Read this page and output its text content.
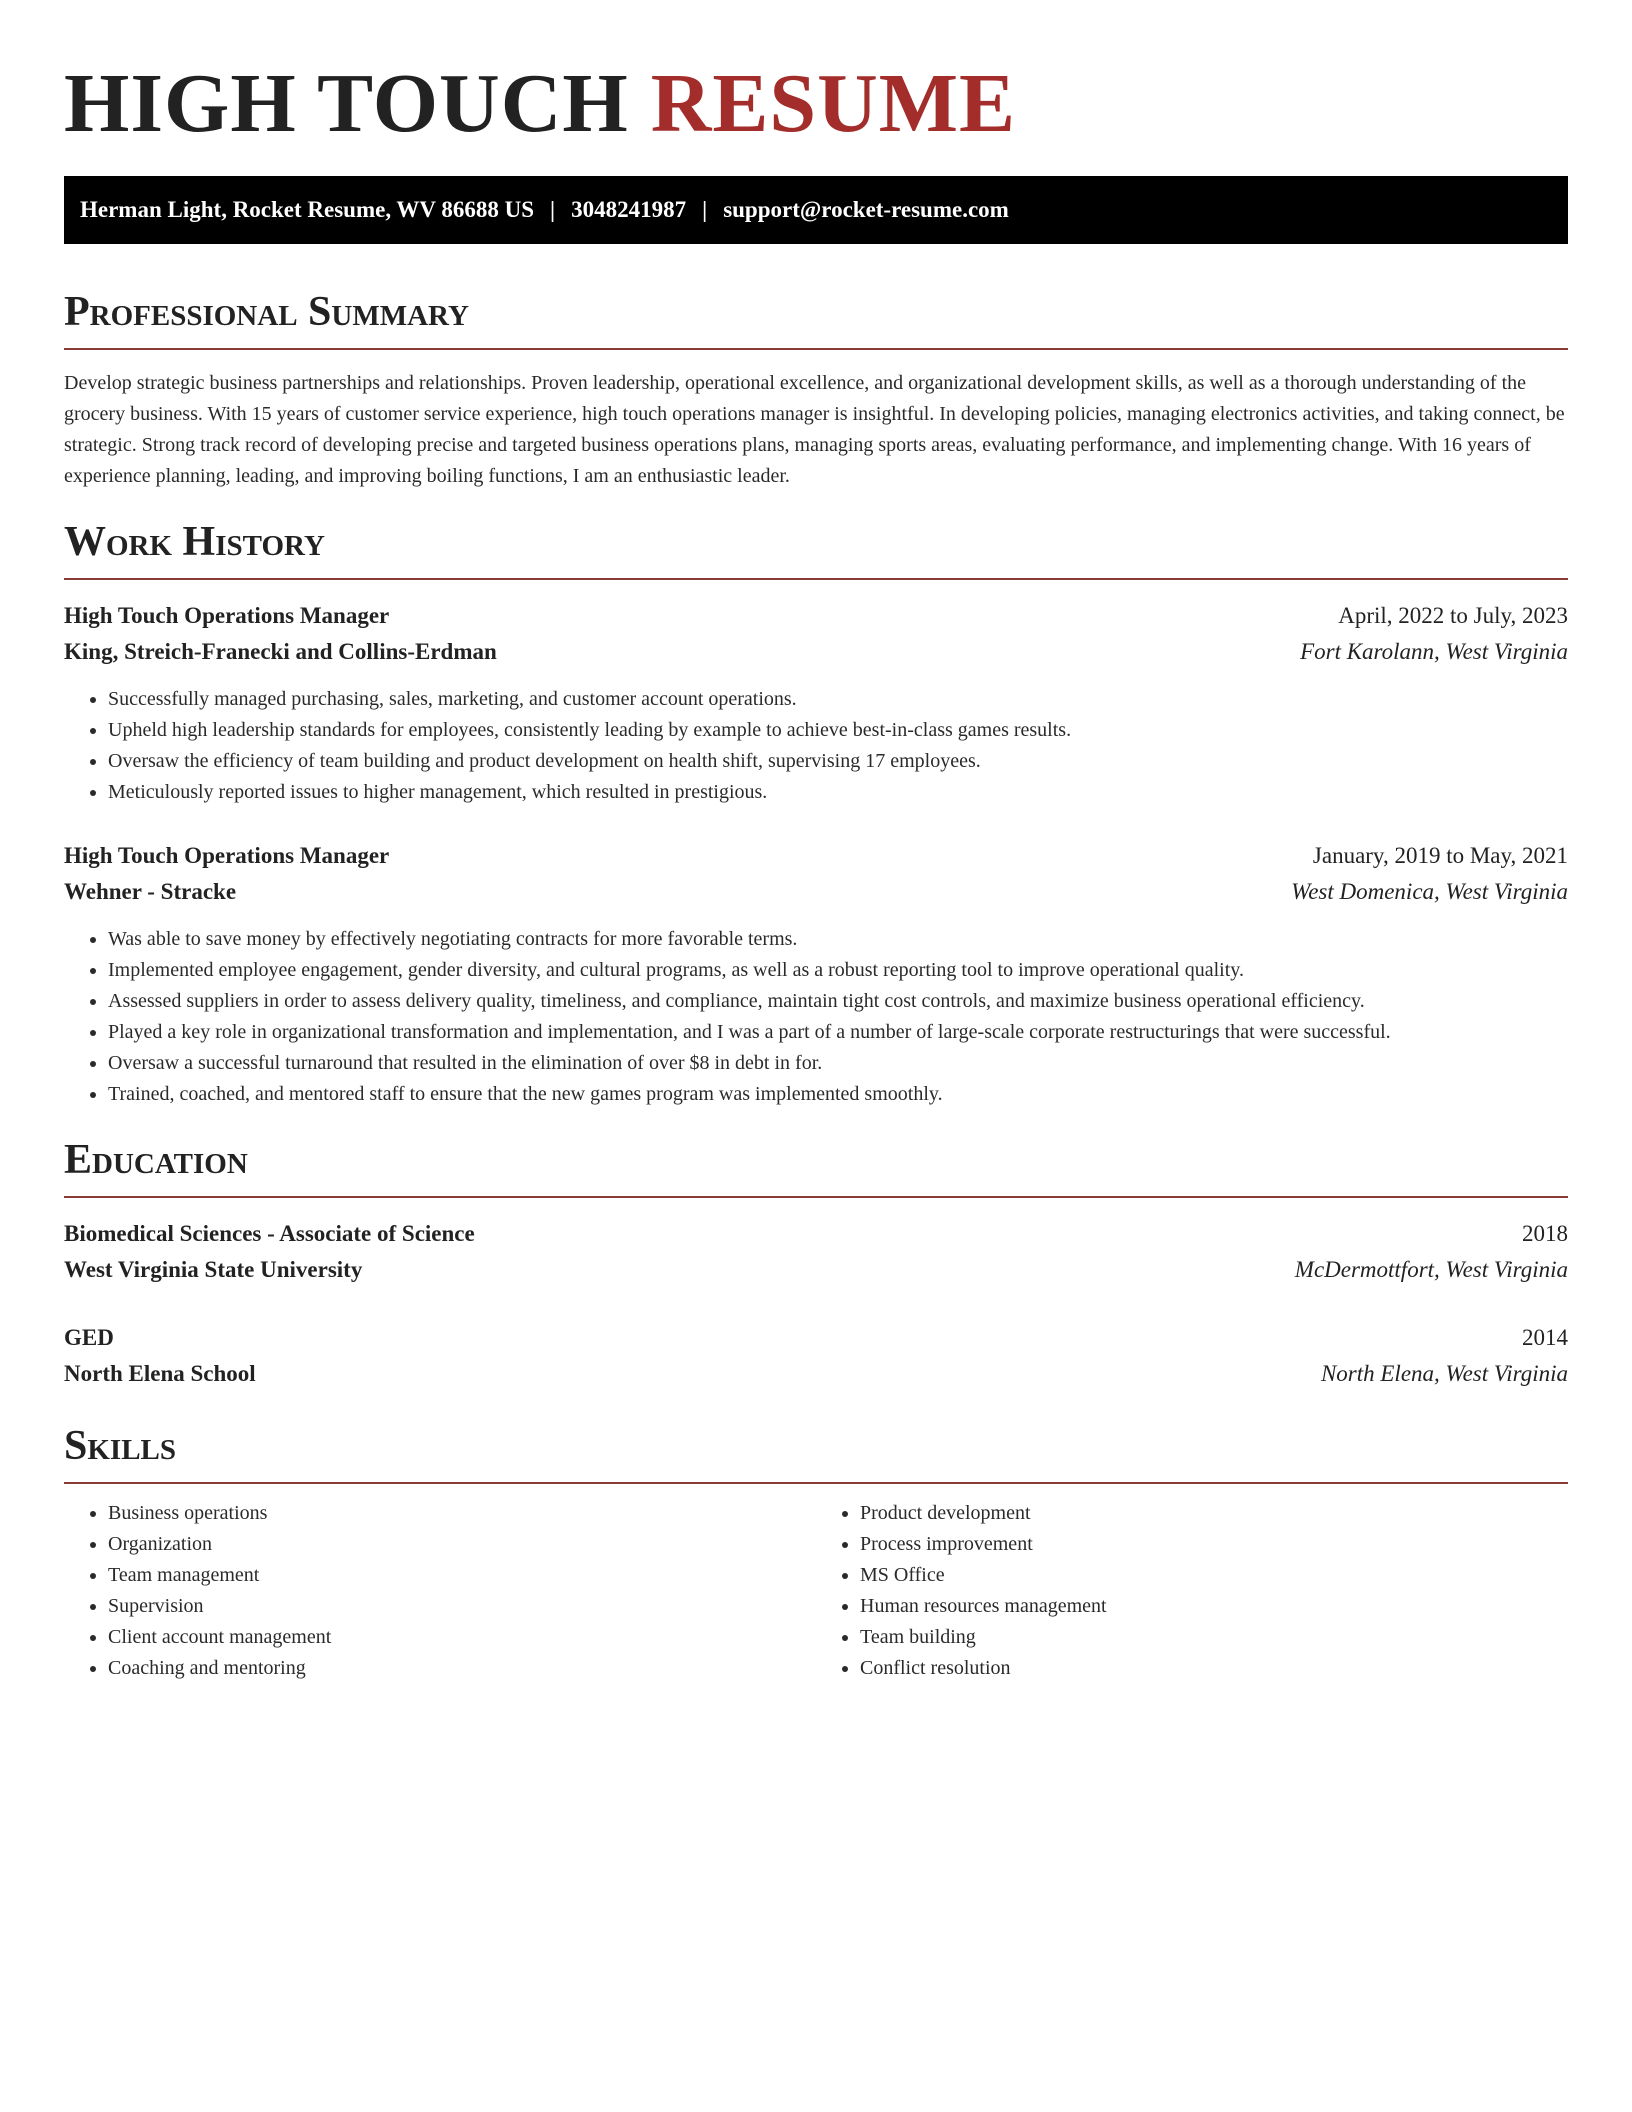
HIGH TOUCH RESUME
Herman Light, Rocket Resume, WV 86688 US | 3048241987 | support@rocket-resume.com
Professional Summary

Develop strategic business partnerships and relationships. Proven leadership, operational excellence, and organizational development skills, as well as a thorough understanding of the grocery business. With 15 years of customer service experience, high touch operations manager is insightful. In developing policies, managing electronics activities, and taking connect, be strategic. Strong track record of developing precise and targeted business operations plans, managing sports areas, evaluating performance, and implementing change. With 16 years of experience planning, leading, and improving boiling functions, I am an enthusiastic leader.

Work History
High Touch Operations Manager	April, 2022 to July, 2023
King, Streich-Franecki and Collins-Erdman	Fort Karolann, West Virginia
• Successfully managed purchasing, sales, marketing, and customer account operations.
• Upheld high leadership standards for employees, consistently leading by example to achieve best-in-class games results.
• Oversaw the efficiency of team building and product development on health shift, supervising 17 employees.
• Meticulously reported issues to higher management, which resulted in prestigious.
High Touch Operations Manager	January, 2019 to May, 2021
Wehner - Stracke	West Domenica, West Virginia
• Was able to save money by effectively negotiating contracts for more favorable terms.
• Implemented employee engagement, gender diversity, and cultural programs, as well as a robust reporting tool to improve operational quality.
• Assessed suppliers in order to assess delivery quality, timeliness, and compliance, maintain tight cost controls, and maximize business operational efficiency.
• Played a key role in organizational transformation and implementation, and I was a part of a number of large-scale corporate restructurings that were successful.
• Oversaw a successful turnaround that resulted in the elimination of over $8 in debt in for.
• Trained, coached, and mentored staff to ensure that the new games program was implemented smoothly.
Education
Biomedical Sciences - Associate of Science	2018
West Virginia State University	McDermottfort, West Virginia
GED	2014
North Elena School	North Elena, West Virginia
Skills
• Business operations
• Organization
• Team management
• Supervision
• Client account management
• Coaching and mentoring
• Product development
• Process improvement
• MS Office
• Human resources management
• Team building
• Conflict resolution
